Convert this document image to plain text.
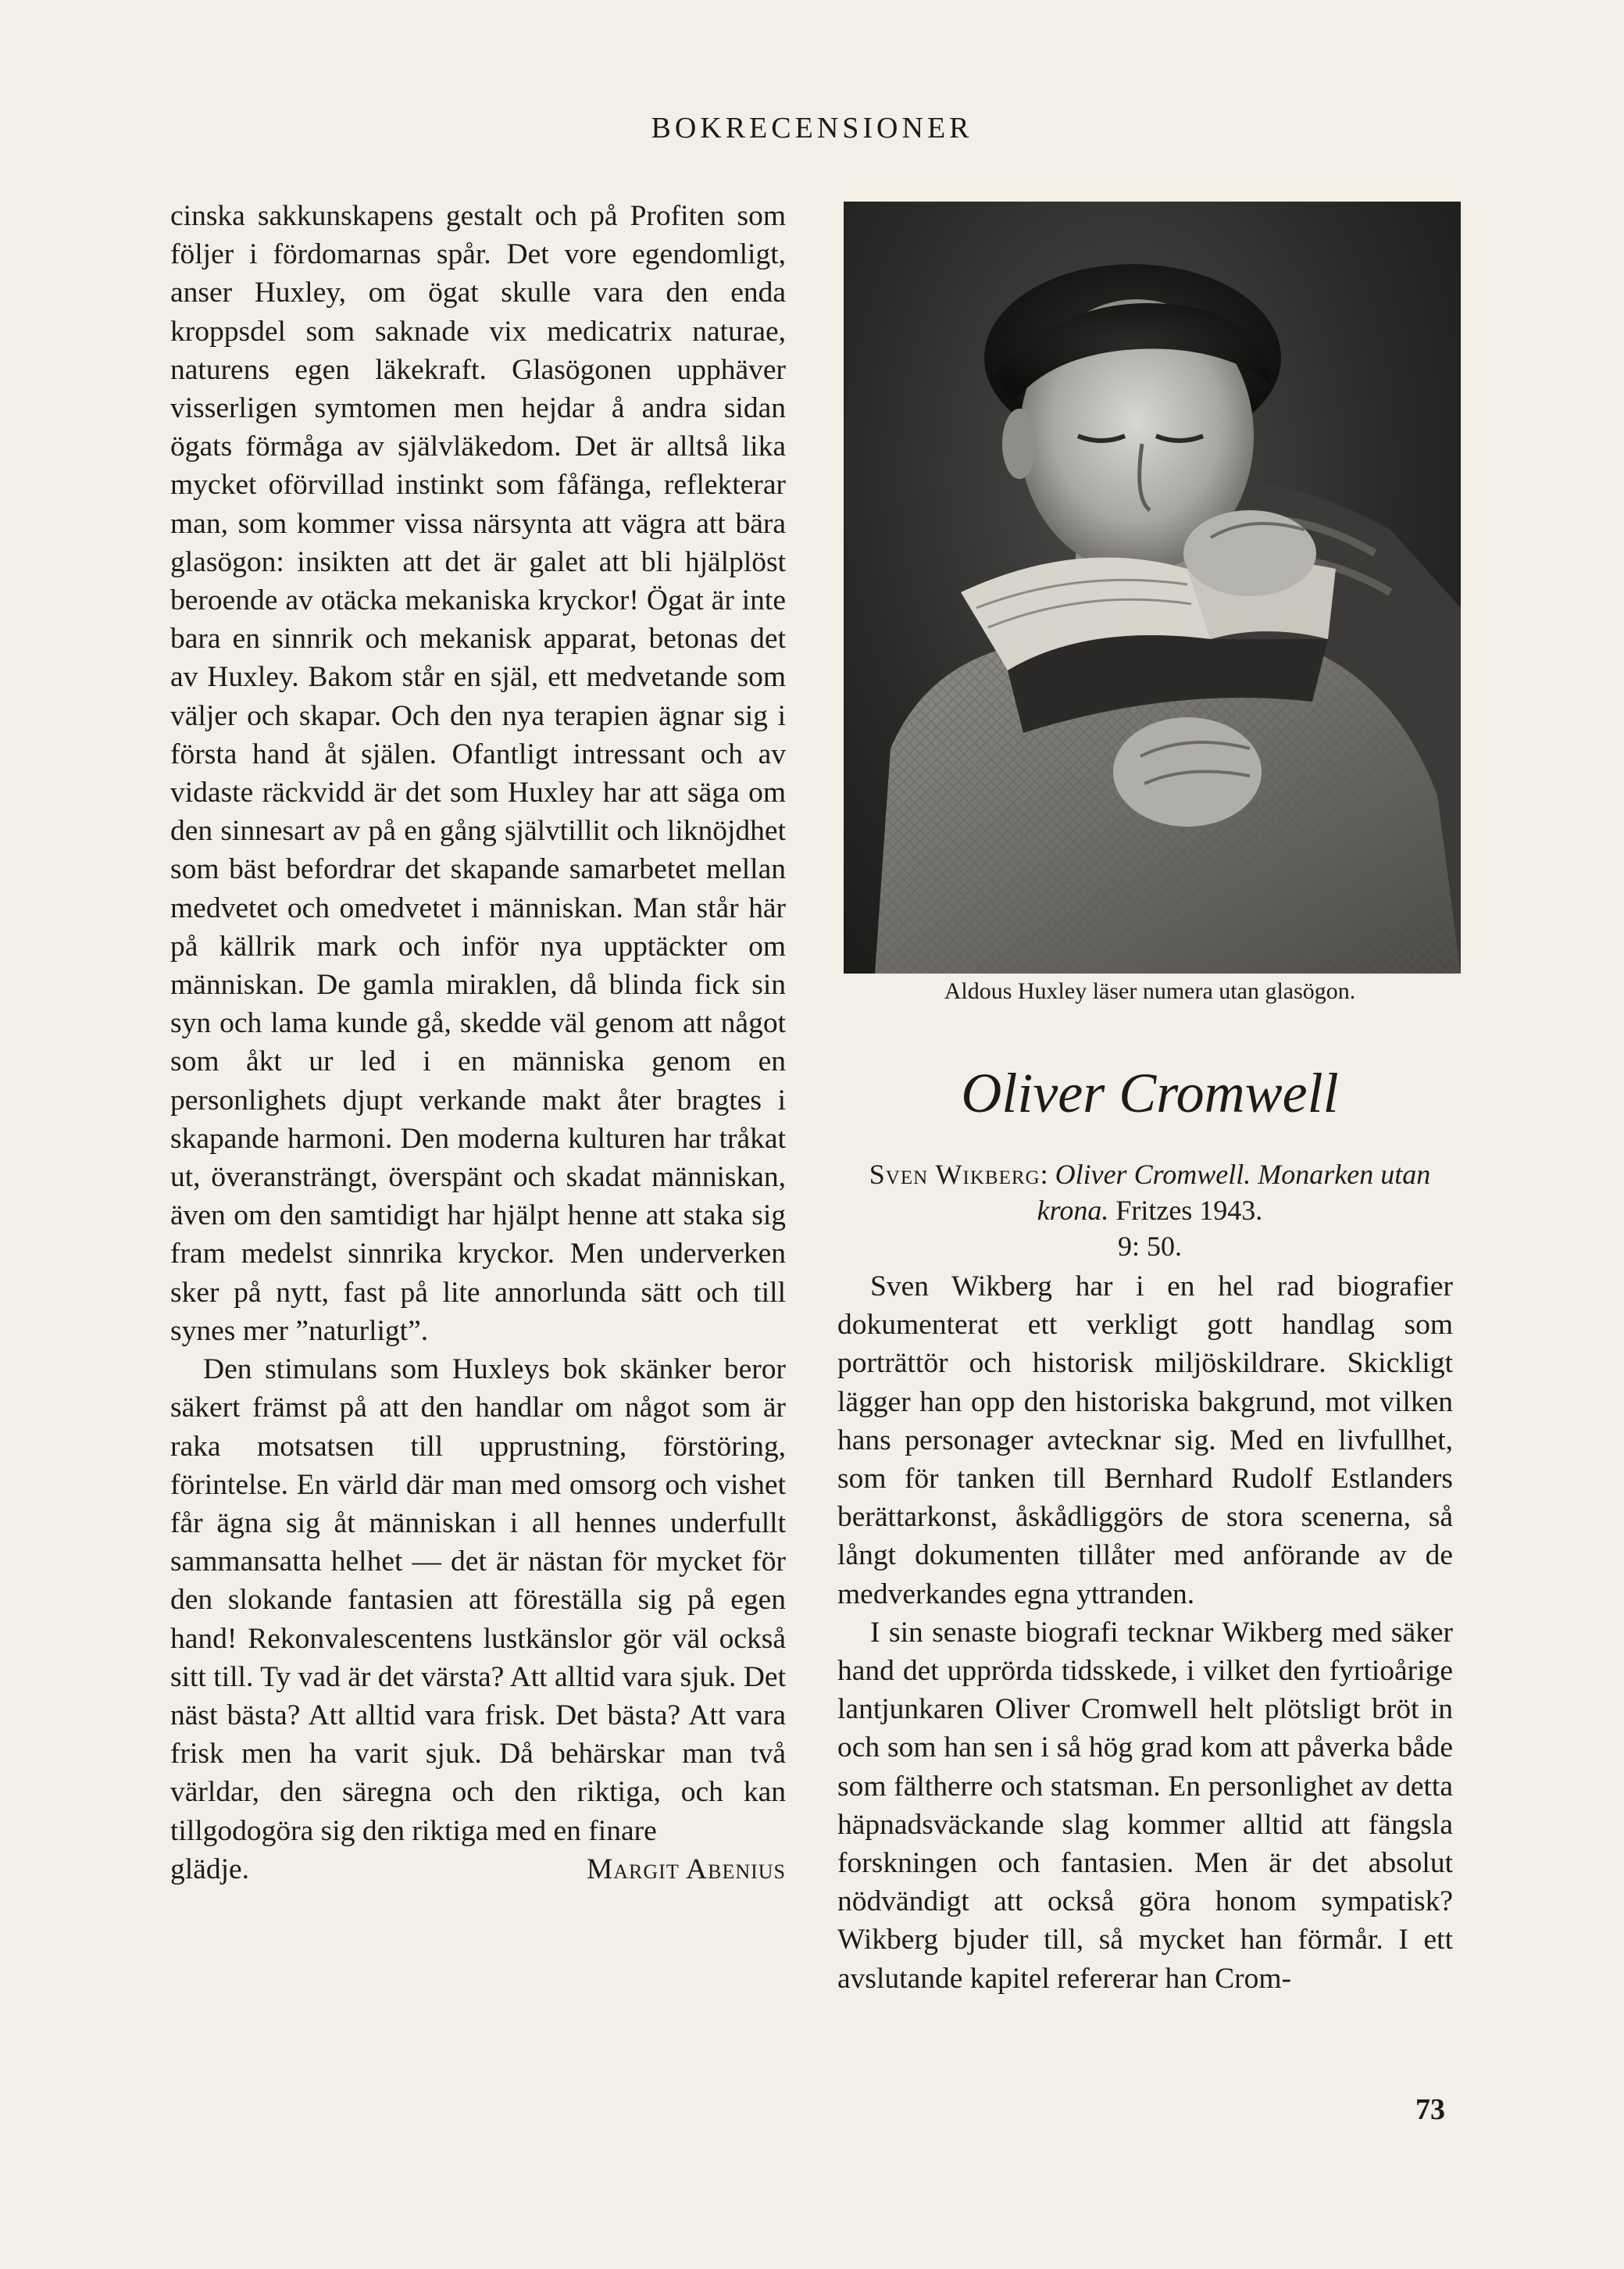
BOKRECENSIONER

cinska sakkunskapens gestalt och på Profiten som följer i fördomarnas spår. Det vore egendomligt, anser Huxley, om ögat skulle vara den enda kroppsdel som saknade vix medicatrix naturae, naturens egen läkekraft. Glasögonen upphäver visserligen symtomen men hejdar å andra sidan ögats förmåga av självläkedom. Det är alltså lika mycket oförvillad instinkt som fåfänga, reflekterar man, som kommer vissa närsynta att vägra att bära glasögon: insikten att det är galet att bli hjälplöst beroende av otäcka mekaniska kryckor! Ögat är inte bara en sinnrik och mekanisk apparat, betonas det av Huxley. Bakom står en själ, ett medvetande som väljer och skapar. Och den nya terapien ägnar sig i första hand åt själen. Ofantligt intressant och av vidaste räckvidd är det som Huxley har att säga om den sinnesart av på en gång självtillit och liknöjdhet som bäst befordrar det skapande samarbetet mellan medvetet och omedvetet i människan. Man står här på källrik mark och inför nya upptäckter om människan. De gamla miraklen, då blinda fick sin syn och lama kunde gå, skedde väl genom att något som åkt ur led i en människa genom en personlighets djupt verkande makt åter bragtes i skapande harmoni. Den moderna kulturen har tråkat ut, överansträngt, överspänt och skadat människan, även om den samtidigt har hjälpt henne att staka sig fram medelst sinnrika kryckor. Men underverken sker på nytt, fast på lite annorlunda sätt och till synes mer ”naturligt”.

Den stimulans som Huxleys bok skänker beror säkert främst på att den handlar om något som är raka motsatsen till upprustning, förstöring, förintelse. En värld där man med omsorg och vishet får ägna sig åt människan i all hennes underfullt sammansatta helhet — det är nästan för mycket för den slokande fantasien att föreställa sig på egen hand! Rekonvalescentens lustkänslor gör väl också sitt till. Ty vad är det värsta? Att alltid vara sjuk. Det näst bästa? Att alltid vara frisk. Det bästa? Att vara frisk men ha varit sjuk. Då behärskar man två världar, den säregna och den riktiga, och kan tillgodogöra sig den riktiga med en finare

glädje.	Margit Abenius

Aldous Huxley läser numera utan glasögon.
Oliver Cromwell
Sven Wikberg: Oliver Cromwell. Monarken utan krona. Fritzes 1943.
9: 50.

Sven Wikberg har i en hel rad biografier dokumenterat ett verkligt gott handlag som porträttör och historisk miljöskildrare. Skickligt lägger han opp den historiska bakgrund, mot vilken hans personager avtecknar sig. Med en livfullhet, som för tanken till Bernhard Rudolf Estlanders berättarkonst, åskådliggörs de stora scenerna, så långt dokumenten tillåter med anförande av de medverkandes egna yttranden.

I sin senaste biografi tecknar Wikberg med säker hand det upprörda tidsskede, i vilket den fyrtioårige lantjunkaren Oliver Cromwell helt plötsligt bröt in och som han sen i så hög grad kom att påverka både som fältherre och statsman. En personlighet av detta häpnadsväckande slag kommer alltid att fängsla forskningen och fantasien. Men är det absolut nödvändigt att också göra honom sympatisk? Wikberg bjuder till, så mycket han förmår. I ett avslutande kapitel refererar han Crom-

73
